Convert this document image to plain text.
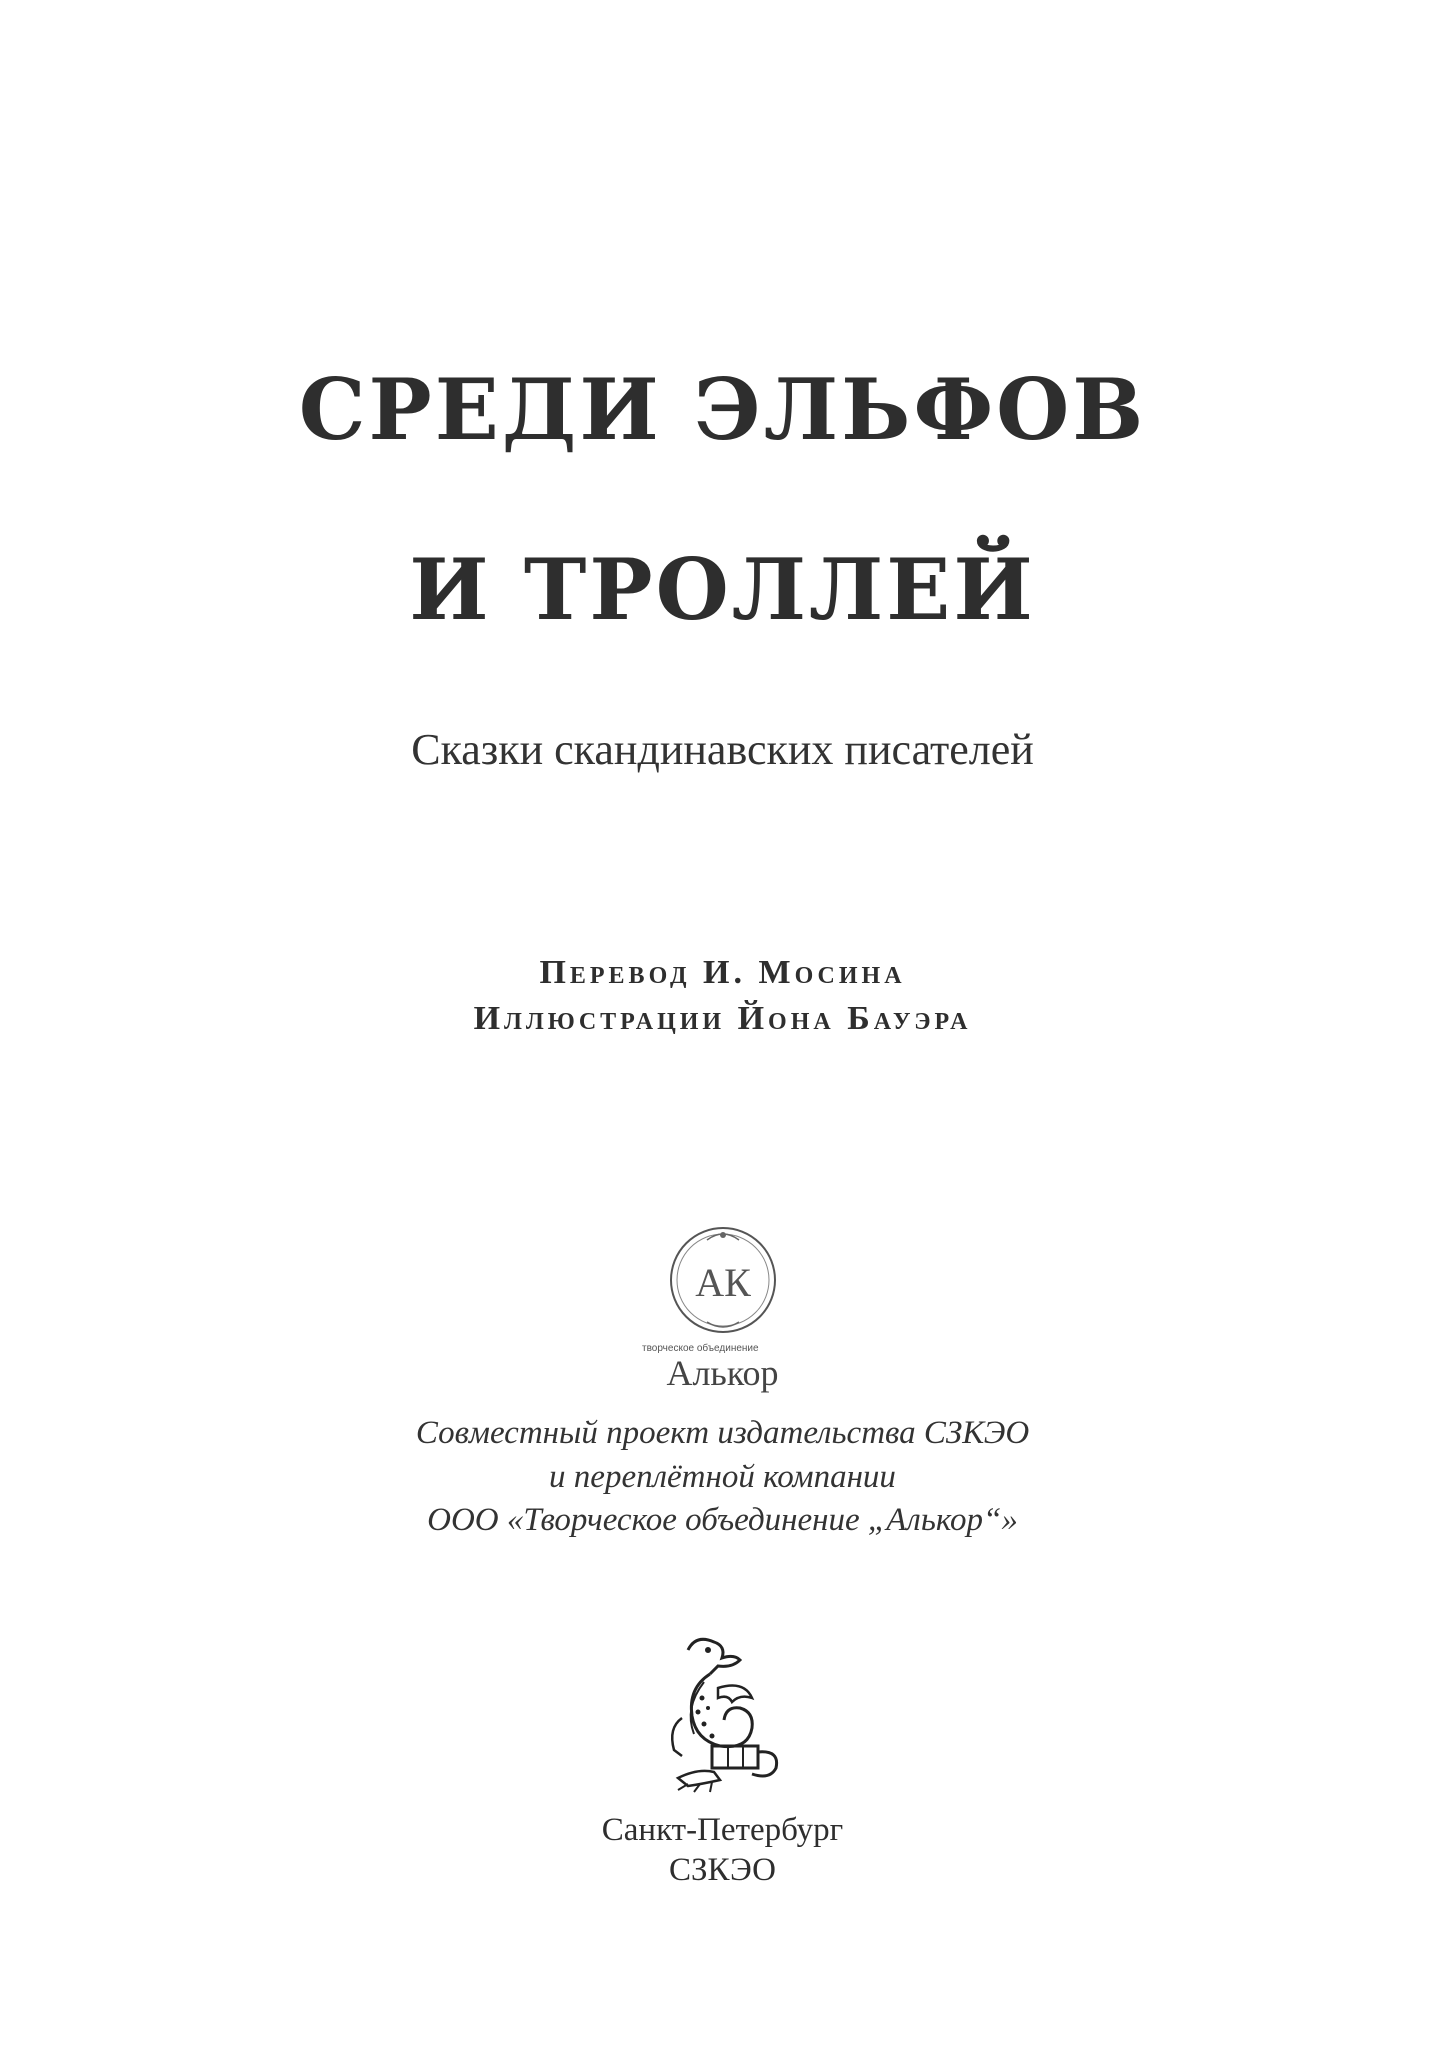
СРЕДИ ЭЛЬФОВ
И ТРОЛЛЕЙ
Сказки скандинавских писателей
Перевод И. Мосина
Иллюстрации Йона Бауэра
АК
творческое объединение
Алькор
Совместный проект издательства СЗКЭО
и переплётной компании
ООО «Творческое объединение „Алькор“»
Санкт-Петербург
СЗКЭО
